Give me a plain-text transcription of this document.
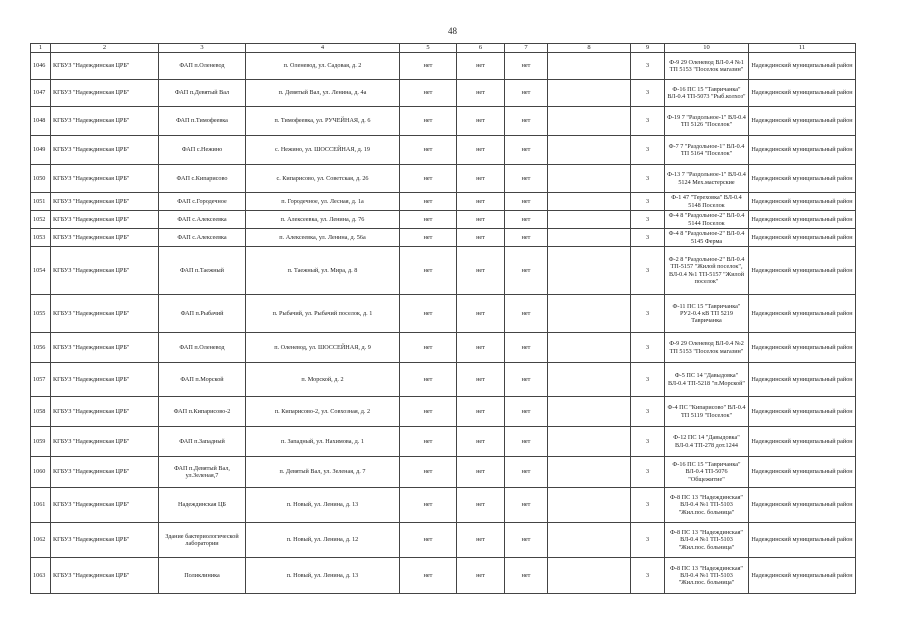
48
1	2	3	4	5	6	7	8	9	10	11
1046	КГБУЗ "Надеждинская ЦРБ"	ФАП п.Оленевод	п. Оленевод, ул. Садовая, д. 2	нет	нет	нет		3	Ф-9 29 Оленевод ВЛ-0.4 №1 ТП 5153 "Поселок магазин"	Надеждинский муниципальный район
1047	КГБУЗ "Надеждинская ЦРБ"	ФАП п.Девятый Вал	п. Девятый Вал, ул. Ленина, д. 4а	нет	нет	нет		3	Ф-16 ПС 15 "Тавричанка" ВЛ-0.4 ТП-5073 "Рыб.колхоз"	Надеждинский муниципальный район
1048	КГБУЗ "Надеждинская ЦРБ"	ФАП п.Тимофеевка	п. Тимофеевка, ул. РУЧЕЙНАЯ, д. 6	нет	нет	нет		3	Ф-19 7 "Раздольное-1" ВЛ-0.4 ТП 5126 "Поселок"	Надеждинский муниципальный район
1049	КГБУЗ "Надеждинская ЦРБ"	ФАП с.Нежино	с. Нежино, ул. ШОССЕЙНАЯ, д. 19	нет	нет	нет		3	Ф-7 7 "Раздольное-1" ВЛ-0.4 ТП 5164 "Поселок"	Надеждинский муниципальный район
1050	КГБУЗ "Надеждинская ЦРБ"	ФАП с.Кипарисово	с. Кипарисово, ул. Советская, д. 26	нет	нет	нет		3	Ф-13 7 "Раздольное-1" ВЛ-0.4 5124 Мех.мастерские	Надеждинский муниципальный район
1051	КГБУЗ "Надеждинская ЦРБ"	ФАП с.Городечное	п. Городечное, ул. Лесная, д. 1а	нет	нет	нет		3	Ф-1 47 "Тереховка" ВЛ-0.4 5148 Поселок	Надеждинский муниципальный район
1052	КГБУЗ "Надеждинская ЦРБ"	ФАП с.Алексеевка	п. Алексеевка, ул. Ленина, д. 76	нет	нет	нет		3	Ф-4 8 "Раздольное-2" ВЛ-0.4 5144 Поселок	Надеждинский муниципальный район
1053	КГБУЗ "Надеждинская ЦРБ"	ФАП с.Алексеевка	п. Алексеевка, ул. Ленина, д. 56а	нет	нет	нет		3	Ф-4 8 "Раздольное-2" ВЛ-0.4 5145 Ферма	Надеждинский муниципальный район
1054	КГБУЗ "Надеждинская ЦРБ"	ФАП п.Таежный	п. Таежный, ул. Мира, д. 8	нет	нет	нет		3	Ф-2 8 "Раздольное-2" ВЛ-0.4 ТП-5157 "Жилой поселок", ВЛ-0.4 №1 ТП-5157 "Жилой поселок"	Надеждинский муниципальный район
1055	КГБУЗ "Надеждинская ЦРБ"	ФАП п.Рыбачий	п. Рыбачий, ул. Рыбачий поселок, д. 1	нет	нет	нет		3	Ф-11 ПС 15 "Тавричанка" РУ2-0.4 кВ ТП 5219 Тавричанка	Надеждинский муниципальный район
1056	КГБУЗ "Надеждинская ЦРБ"	ФАП п.Оленевод	п. Оленевод, ул. ШОССЕЙНАЯ, д. 9	нет	нет	нет		3	Ф-9 29 Оленевод ВЛ-0.4 №2 ТП 5153 "Поселок магазин"	Надеждинский муниципальный район
1057	КГБУЗ "Надеждинская ЦРБ"	ФАП п.Морской	п. Морской, д. 2	нет	нет	нет		3	Ф-5 ПС 14 "Давыдовка" ВЛ-0.4 ТП-5218 "п.Морской"	Надеждинский муниципальный район
1058	КГБУЗ "Надеждинская ЦРБ"	ФАП п.Кипарисово-2	п. Кипарисово-2, ул. Совхозная, д. 2	нет	нет	нет		3	Ф-4 ПС "Кипарисово" ВЛ-0.4 ТП 5119 "Поселок"	Надеждинский муниципальный район
1059	КГБУЗ "Надеждинская ЦРБ"	ФАП п.Западный	п. Западный, ул. Нахимова, д. 1	нет	нет	нет		3	Ф-12 ПС 14 "Давыдовка" ВЛ-0.4 ТП-278 дот.1244	Надеждинский муниципальный район
1060	КГБУЗ "Надеждинская ЦРБ"	ФАП п.Девятый Вал, ул.Зеленая,7	п. Девятый Вал, ул. Зеленая, д. 7	нет	нет	нет		3	Ф-16 ПС 15 "Тавричанка" ВЛ-0.4 ТП-5076 "Общежитие"	Надеждинский муниципальный район
1061	КГБУЗ "Надеждинская ЦРБ"	Надеждинская ЦБ	п. Новый, ул. Ленина, д. 13	нет	нет	нет		3	Ф-8 ПС 13 "Надеждинская" ВЛ-0.4 №1 ТП-5103 "Жил.пос. больница"	Надеждинский муниципальный район
1062	КГБУЗ "Надеждинская ЦРБ"	Здание бактериологической лаборатории	п. Новый, ул. Ленина, д. 12	нет	нет	нет		3	Ф-8 ПС 13 "Надеждинская" ВЛ-0.4 №1 ТП-5103 "Жил.пос. больница"	Надеждинский муниципальный район
1063	КГБУЗ "Надеждинская ЦРБ"	Поликлиника	п. Новый, ул. Ленина, д. 13	нет	нет	нет		3	Ф-8 ПС 13 "Надеждинская" ВЛ-0.4 №1 ТП-5103 "Жил.пос. больница"	Надеждинский муниципальный район
